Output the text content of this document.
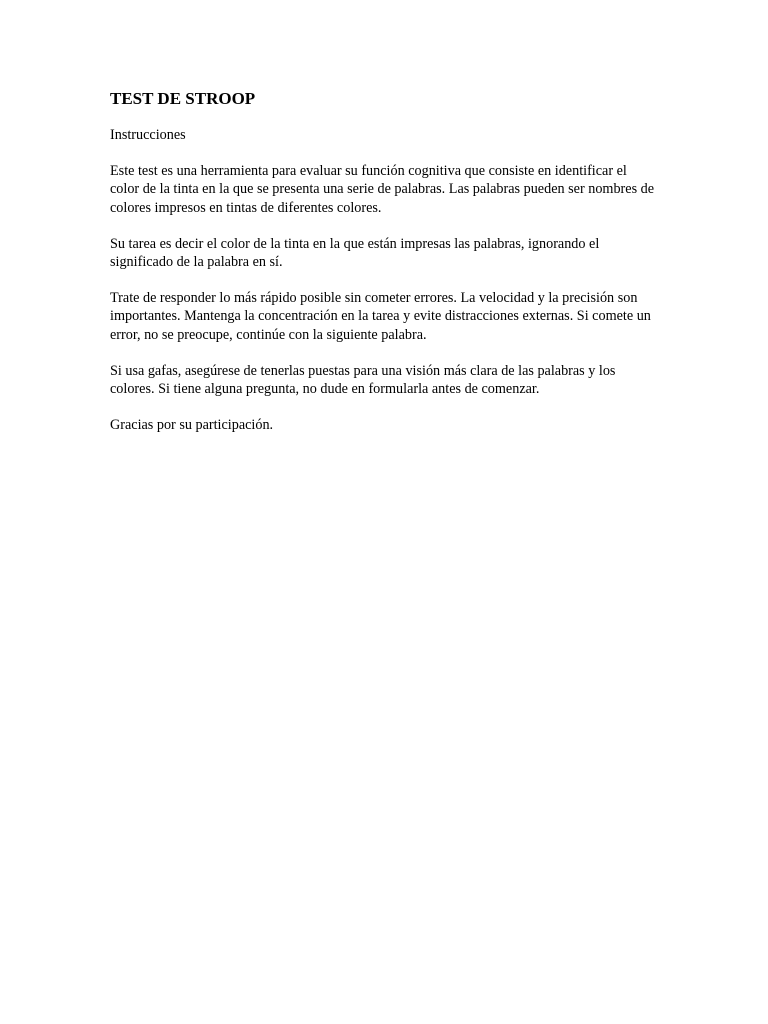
TEST DE STROOP

Instrucciones

Este test es una herramienta para evaluar su función cognitiva que consiste en identificar el color de la tinta en la que se presenta una serie de palabras. Las palabras pueden ser nombres de colores impresos en tintas de diferentes colores.

Su tarea es decir el color de la tinta en la que están impresas las palabras, ignorando el significado de la palabra en sí.

Trate de responder lo más rápido posible sin cometer errores. La velocidad y la precisión son importantes. Mantenga la concentración en la tarea y evite distracciones externas. Si comete un error, no se preocupe, continúe con la siguiente palabra.

Si usa gafas, asegúrese de tenerlas puestas para una visión más clara de las palabras y los colores. Si tiene alguna pregunta, no dude en formularla antes de comenzar.

Gracias por su participación.
